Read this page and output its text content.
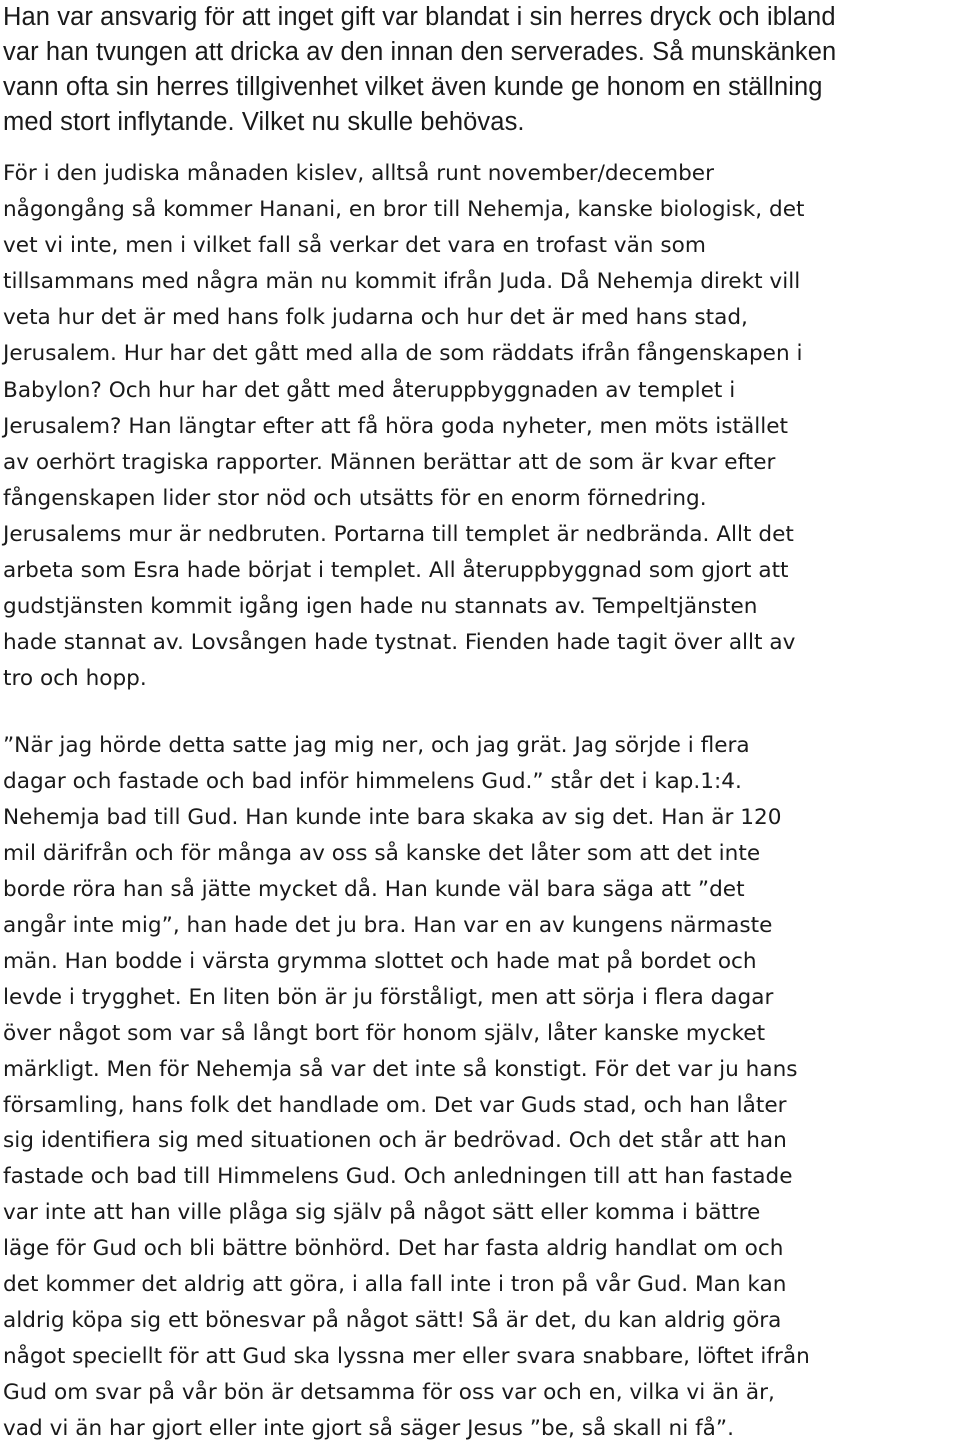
Han var ansvarig för att inget gift var blandat i sin herres dryck och ibland
var han tvungen att dricka av den innan den serverades. Så munskänken
vann ofta sin herres tillgivenhet vilket även kunde ge honom en ställning
med stort inflytande. Vilket nu skulle behövas.

För i den judiska månaden kislev, alltså runt november/december
någongång så kommer Hanani, en bror till Nehemja, kanske biologisk, det
vet vi inte, men i vilket fall så verkar det vara en trofast vän som
tillsammans med några män nu kommit ifrån Juda. Då Nehemja direkt vill
veta hur det är med hans folk judarna och hur det är med hans stad,
Jerusalem. Hur har det gått med alla de som räddats ifrån fångenskapen i
Babylon? Och hur har det gått med återuppbyggnaden av templet i
Jerusalem? Han längtar efter att få höra goda nyheter, men möts istället
av oerhört tragiska rapporter. Männen berättar att de som är kvar efter
fångenskapen lider stor nöd och utsätts för en enorm förnedring.
Jerusalems mur är nedbruten. Portarna till templet är nedbrända. Allt det
arbeta som Esra hade börjat i templet. All återuppbyggnad som gjort att
gudstjänsten kommit igång igen hade nu stannats av. Tempeltjänsten
hade stannat av. Lovsången hade tystnat. Fienden hade tagit över allt av
tro och hopp.

”När jag hörde detta satte jag mig ner, och jag grät. Jag sörjde i flera
dagar och fastade och bad inför himmelens Gud.” står det i kap.1:4.
Nehemja bad till Gud. Han kunde inte bara skaka av sig det. Han är 120
mil därifrån och för många av oss så kanske det låter som att det inte
borde röra han så jätte mycket då. Han kunde väl bara säga att ”det
angår inte mig”, han hade det ju bra. Han var en av kungens närmaste
män. Han bodde i värsta grymma slottet och hade mat på bordet och
levde i trygghet. En liten bön är ju förståligt, men att sörja i flera dagar
över något som var så långt bort för honom själv, låter kanske mycket
märkligt. Men för Nehemja så var det inte så konstigt. För det var ju hans
församling, hans folk det handlade om. Det var Guds stad, och han låter
sig identifiera sig med situationen och är bedrövad. Och det står att han
fastade och bad till Himmelens Gud. Och anledningen till att han fastade
var inte att han ville plåga sig själv på något sätt eller komma i bättre
läge för Gud och bli bättre bönhörd. Det har fasta aldrig handlat om och
det kommer det aldrig att göra, i alla fall inte i tron på vår Gud. Man kan
aldrig köpa sig ett bönesvar på något sätt! Så är det, du kan aldrig göra
något speciellt för att Gud ska lyssna mer eller svara snabbare, löftet ifrån
Gud om svar på vår bön är detsamma för oss var och en, vilka vi än är,
vad vi än har gjort eller inte gjort så säger Jesus ”be, så skall ni få”.
